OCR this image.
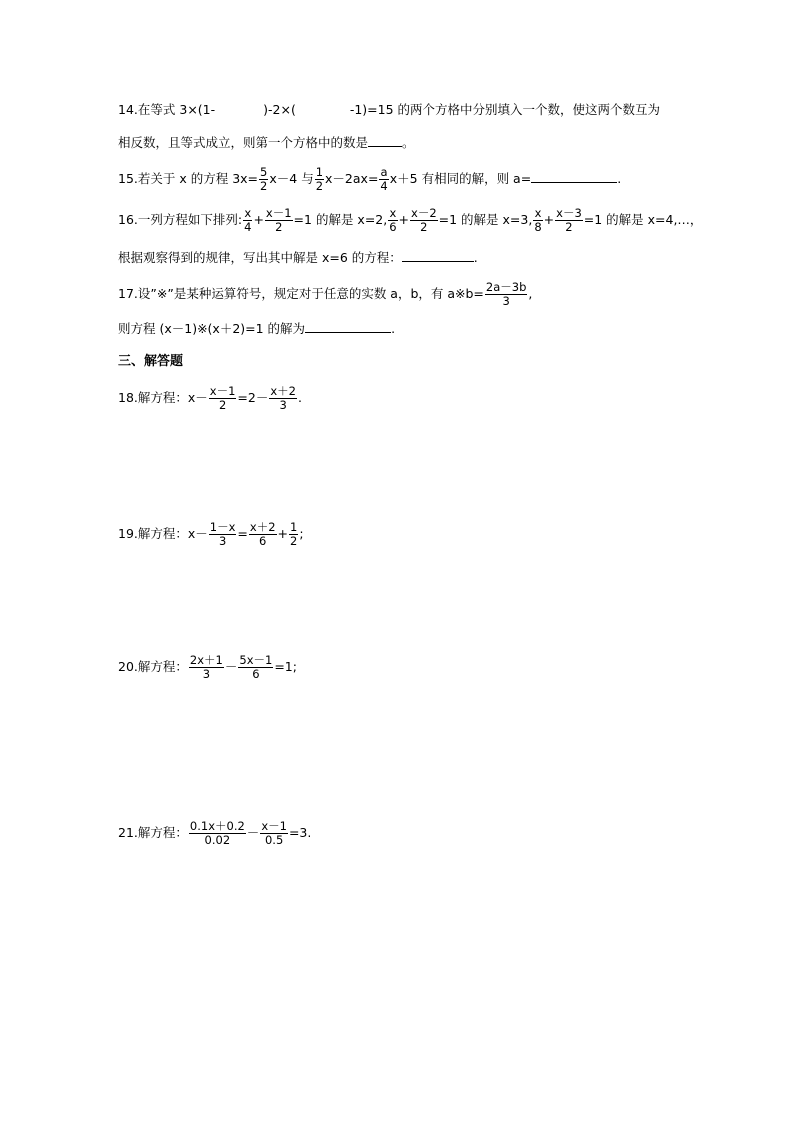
14.在等式 3×(1-	)-2×(	-1)=15 的两个方格中分别填入一个数，使这两个数互为
相反数，且等式成立，则第一个方格中的数是	。
15.若关于 x 的方程 $3x= \frac{5}{2} x-4$ 与 $\frac{1}{2} x-2ax= \frac{a}{4} x+5$ 有相同的解，则 a=	.
16.一列方程如下排列: $\frac{x}{4} + \frac{x-1}{2} =1$ 的解是 x=2, $\frac{x}{6} + \frac{x-2}{2} =1$ 的解是 x=3, $\frac{x}{8} + \frac{x-3}{2} =1$ 的解是 x=4,…，
根据观察得到的规律，写出其中解是 x=6 的方程：	.
17.设”※”是某种运算符号，规定对于任意的实数 a，b，有 a※b= $\frac{2a-3b}{3}$ ,
则方程 (x－1)※(x＋2)=1 的解为	.
三、解答题
18.解方程：$x- \frac{x-1}{2} =2- \frac{x+2}{3}$ .
19.解方程：$x- \frac{1-x}{3} = \frac{x+2}{6} + \frac{1}{2}$ ;
20.解方程： $\frac{2x+1}{3} - \frac{5x-1}{6} =1$;
21.解方程： $\frac{0.1x+0.2}{0.02} - \frac{x-1}{0.5} =3$.
